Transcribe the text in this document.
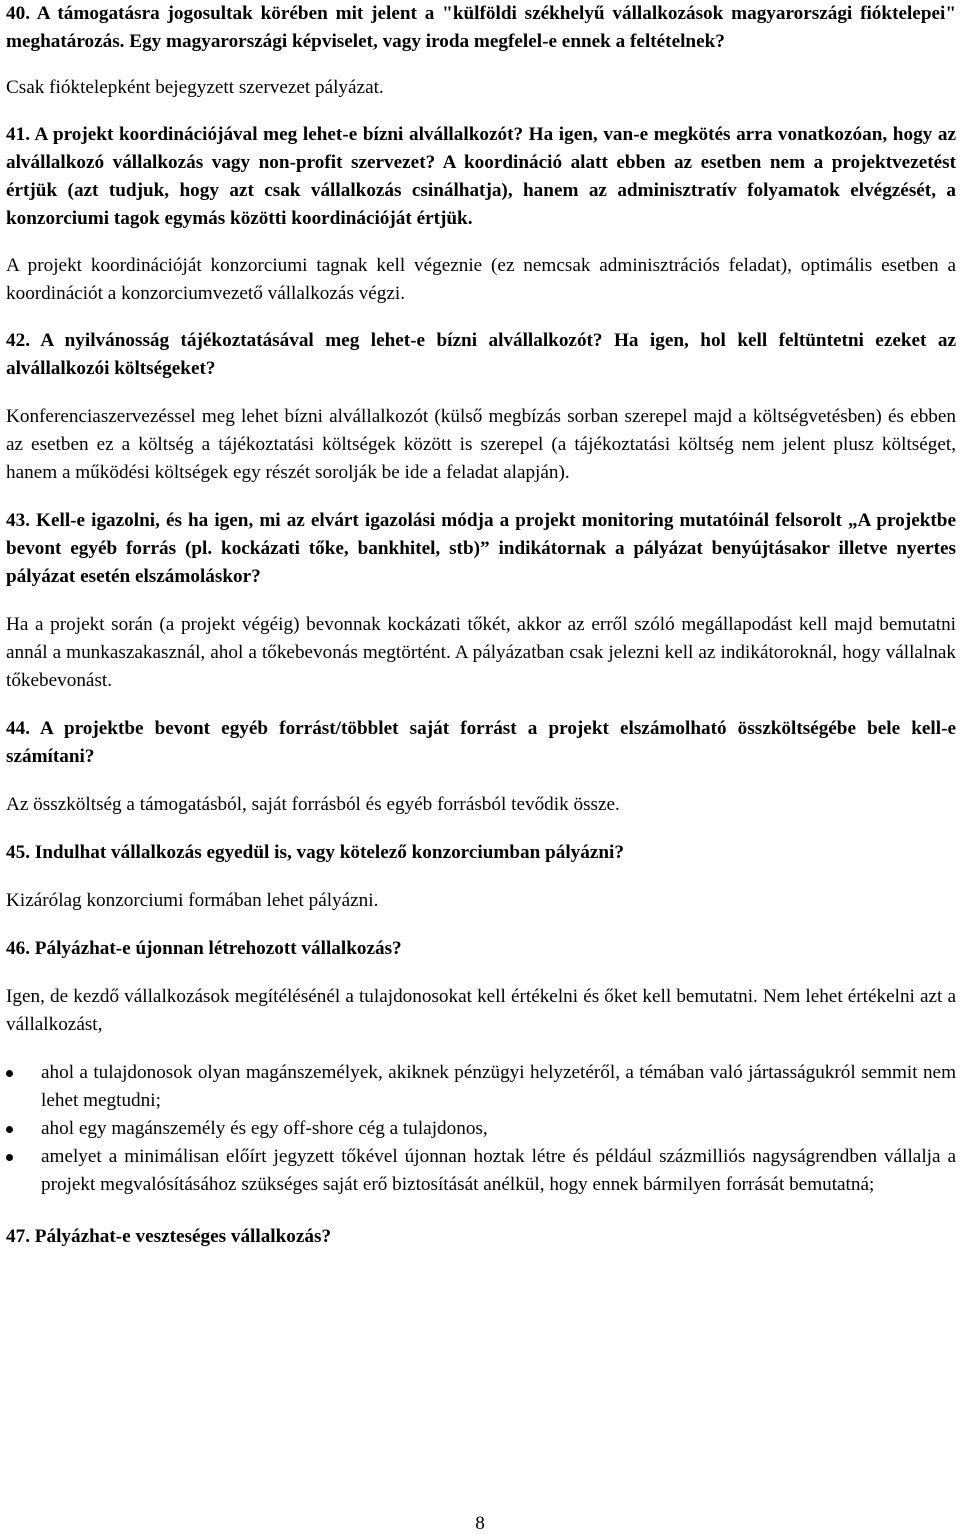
40. A támogatásra jogosultak körében mit jelent a "külföldi székhelyű vállalkozások magyarországi fióktelepei" meghatározás. Egy magyarországi képviselet, vagy iroda megfelel-e ennek a feltételnek?

Csak fióktelepként bejegyzett szervezet pályázat.

41. A projekt koordinációjával meg lehet-e bízni alvállalkozót? Ha igen, van-e megkötés arra vonatkozóan, hogy az alvállalkozó vállalkozás vagy non-profit szervezet? A koordináció alatt ebben az esetben nem a projektvezetést értjük (azt tudjuk, hogy azt csak vállalkozás csinálhatja), hanem az adminisztratív folyamatok elvégzését, a konzorciumi tagok egymás közötti koordinációját értjük.

A projekt koordinációját konzorciumi tagnak kell végeznie (ez nemcsak adminisztrációs feladat), optimális esetben a koordinációt a konzorciumvezető vállalkozás végzi.

42. A nyilvánosság tájékoztatásával meg lehet-e bízni alvállalkozót? Ha igen, hol kell feltüntetni ezeket az alvállalkozói költségeket?

Konferenciaszervezéssel meg lehet bízni alvállalkozót (külső megbízás sorban szerepel majd a költségvetésben) és ebben az esetben ez a költség a tájékoztatási költségek között is szerepel (a tájékoztatási költség nem jelent plusz költséget, hanem a működési költségek egy részét sorolják be ide a feladat alapján).

43. Kell-e igazolni, és ha igen, mi az elvárt igazolási módja a projekt monitoring mutatóinál felsorolt „A projektbe bevont egyéb forrás (pl. kockázati tőke, bankhitel, stb)” indikátornak a pályázat benyújtásakor illetve nyertes pályázat esetén elszámoláskor?

Ha a projekt során (a projekt végéig) bevonnak kockázati tőkét, akkor az erről szóló megállapodást kell majd bemutatni annál a munkaszakasznál, ahol a tőkebevonás megtörtént. A pályázatban csak jelezni kell az indikátoroknál, hogy vállalnak tőkebevonást.

44. A projektbe bevont egyéb forrást/többlet saját forrást a projekt elszámolható összköltségébe bele kell-e számítani?

Az összköltség a támogatásból, saját forrásból és egyéb forrásból tevődik össze.

45. Indulhat vállalkozás egyedül is, vagy kötelező konzorciumban pályázni?

Kizárólag konzorciumi formában lehet pályázni.

46. Pályázhat-e újonnan létrehozott vállalkozás?

Igen, de kezdő vállalkozások megítélésénél a tulajdonosokat kell értékelni és őket kell bemutatni. Nem lehet értékelni azt a vállalkozást,

ahol a tulajdonosok olyan magánszemélyek, akiknek pénzügyi helyzetéről, a témában való jártasságukról semmit nem lehet megtudni;
ahol egy magánszemély és egy off-shore cég a tulajdonos,
amelyet a minimálisan előírt jegyzett tőkével újonnan hoztak létre és például százmilliós nagyságrendben vállalja a projekt megvalósításához szükséges saját erő biztosítását anélkül, hogy ennek bármilyen forrását bemutatná;

47. Pályázhat-e veszteséges vállalkozás?

8
